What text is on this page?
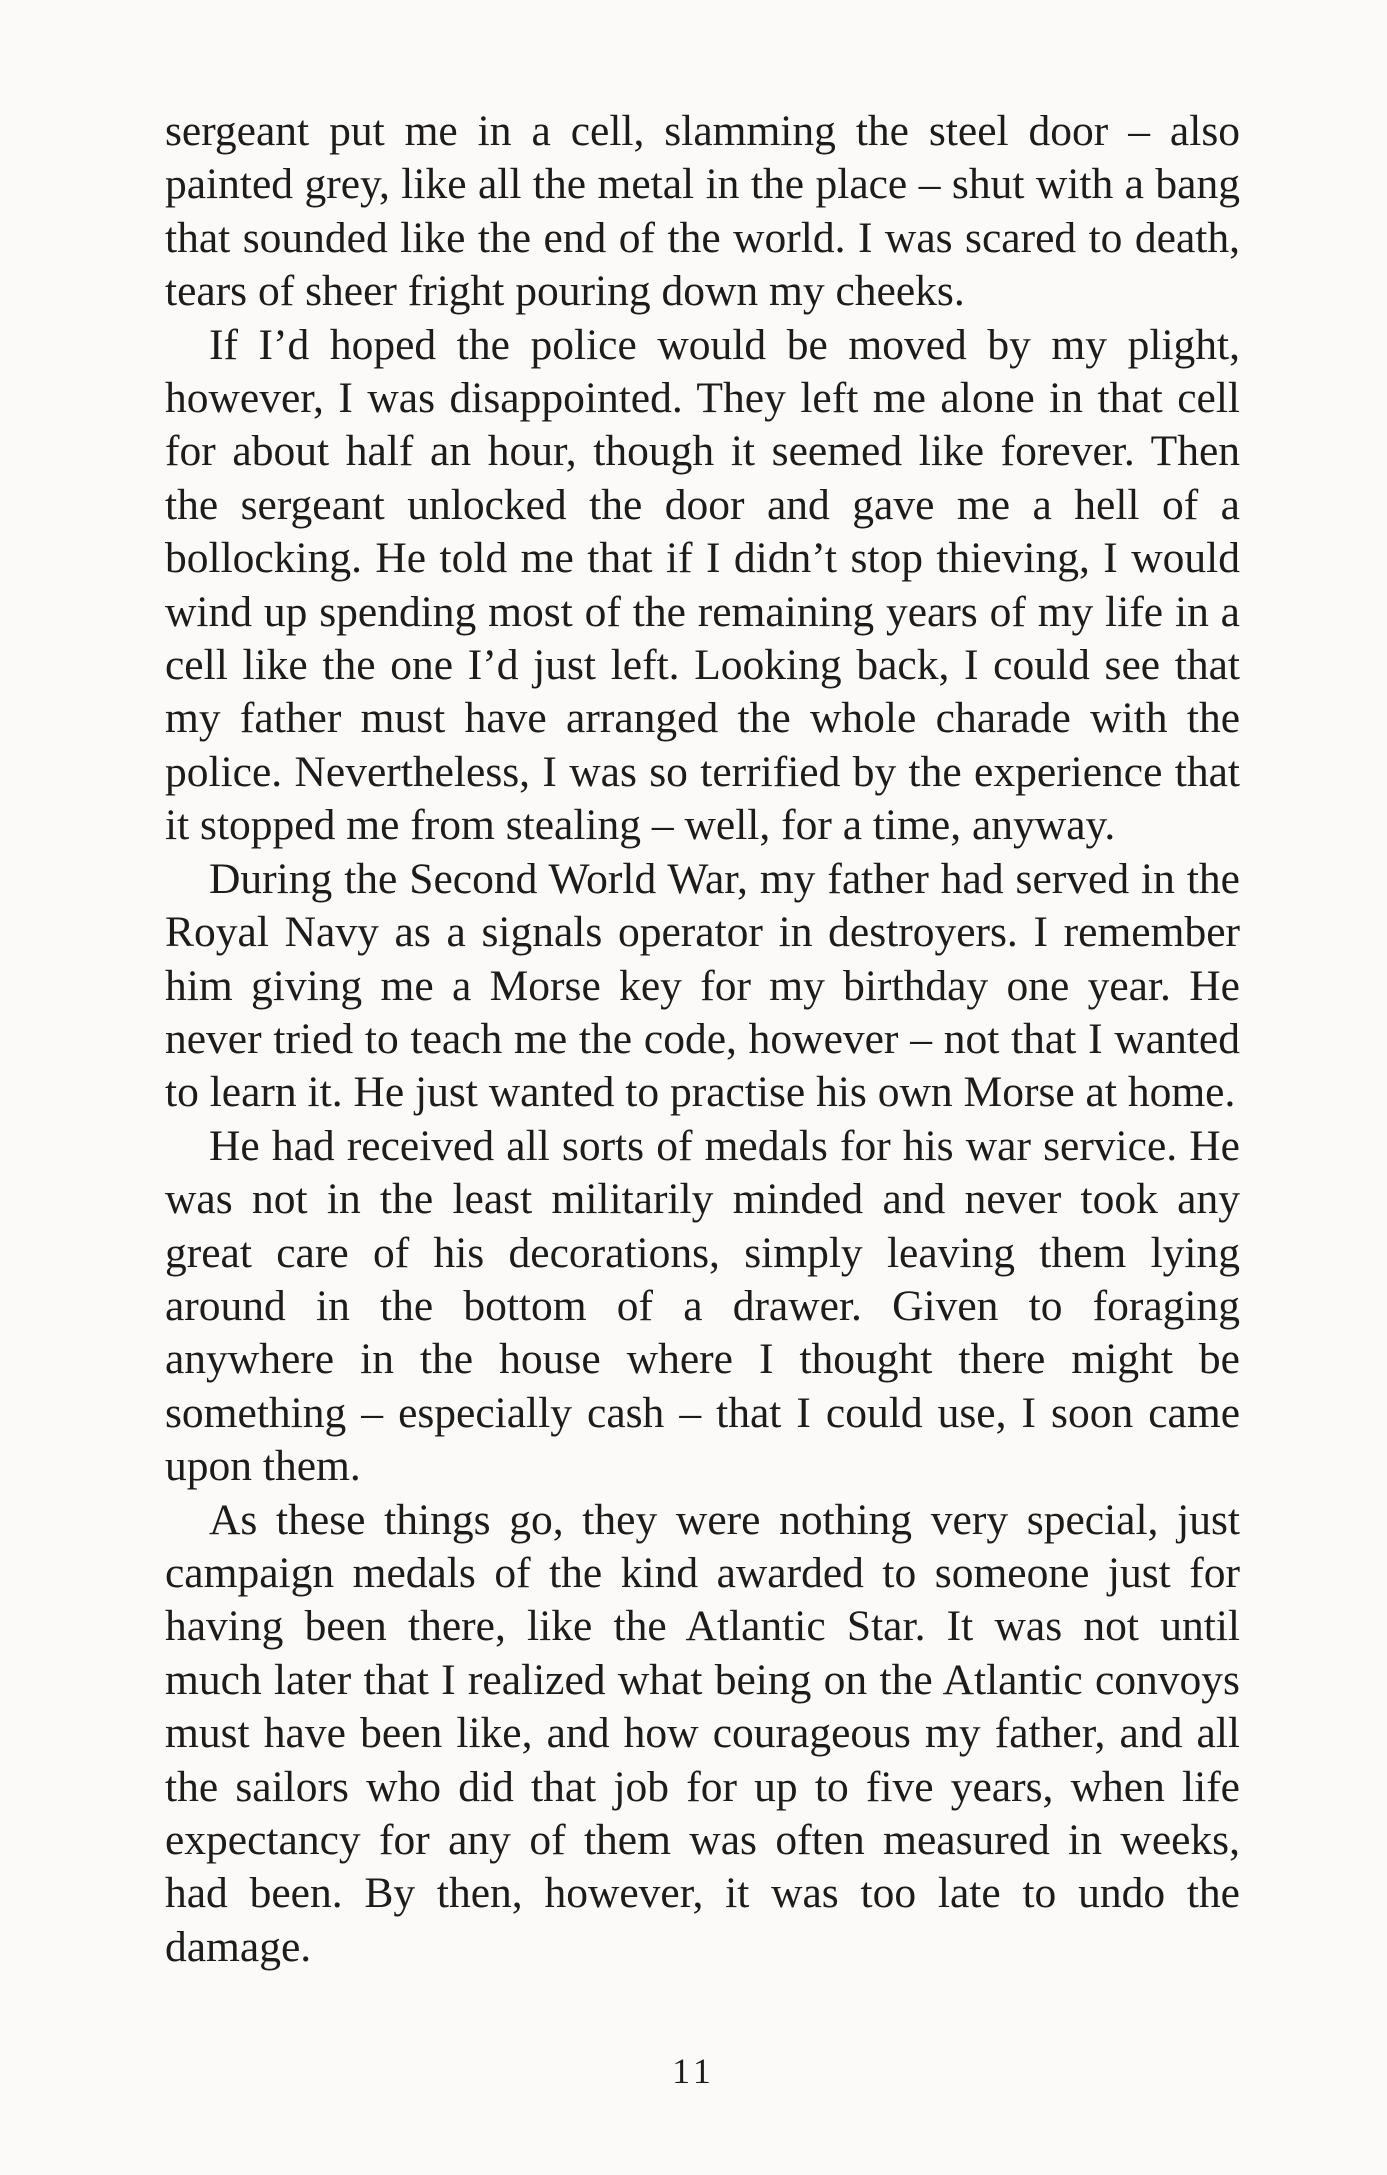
sergeant put me in a cell, slamming the steel door – also painted grey, like all the metal in the place – shut with a bang that sounded like the end of the world. I was scared to death, tears of sheer fright pouring down my cheeks.

If I’d hoped the police would be moved by my plight, however, I was disappointed. They left me alone in that cell for about half an hour, though it seemed like forever. Then the sergeant unlocked the door and gave me a hell of a bollocking. He told me that if I didn’t stop thieving, I would wind up spending most of the remaining years of my life in a cell like the one I’d just left. Looking back, I could see that my father must have arranged the whole charade with the police. Nevertheless, I was so terrified by the experience that it stopped me from stealing – well, for a time, anyway.

During the Second World War, my father had served in the Royal Navy as a signals operator in destroyers. I remember him giving me a Morse key for my birthday one year. He never tried to teach me the code, however – not that I wanted to learn it. He just wanted to practise his own Morse at home.

He had received all sorts of medals for his war service. He was not in the least militarily minded and never took any great care of his decorations, simply leaving them lying around in the bottom of a drawer. Given to foraging anywhere in the house where I thought there might be something – especially cash – that I could use, I soon came upon them.

As these things go, they were nothing very special, just campaign medals of the kind awarded to someone just for having been there, like the Atlantic Star. It was not until much later that I realized what being on the Atlantic convoys must have been like, and how courageous my father, and all the sailors who did that job for up to five years, when life expectancy for any of them was often measured in weeks, had been. By then, however, it was too late to undo the damage.

11
